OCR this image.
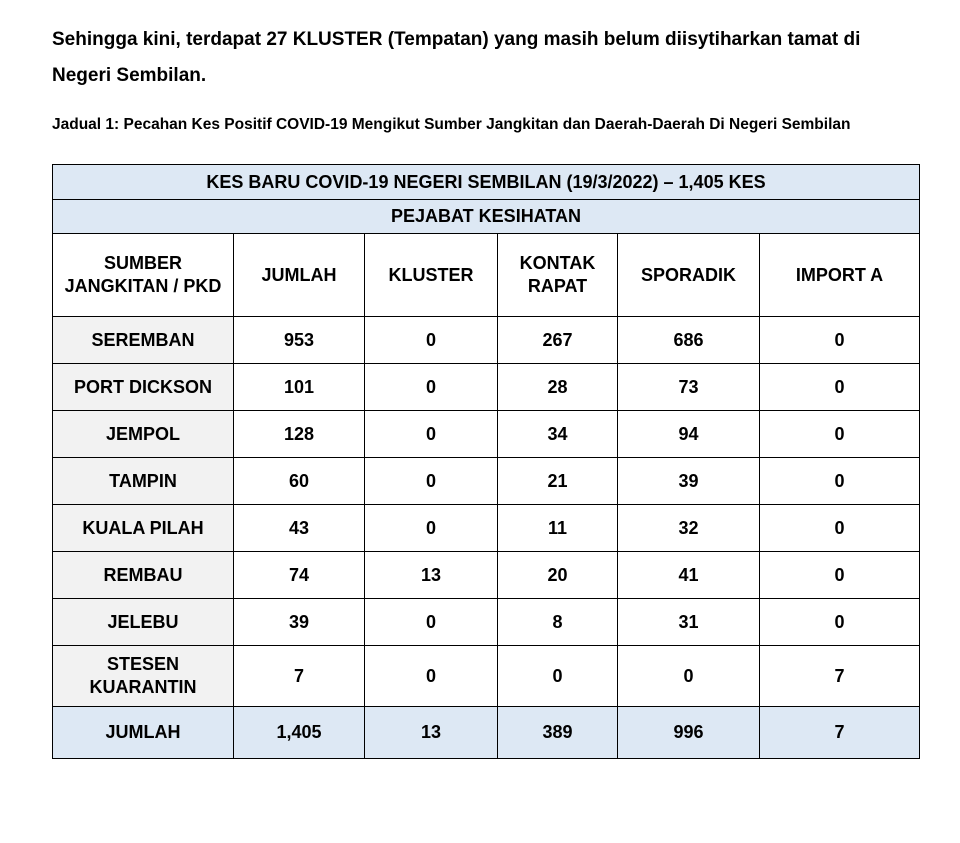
Sehingga kini, terdapat 27 KLUSTER (Tempatan) yang masih belum diisytiharkan tamat di Negeri Sembilan.

Jadual 1: Pecahan Kes Positif COVID-19 Mengikut Sumber Jangkitan dan Daerah-Daerah Di Negeri Sembilan

KES BARU COVID-19 NEGERI SEMBILAN (19/3/2022) – 1,405 KES					
PEJABAT KESIHATAN					
SUMBER JANGKITAN / PKD	JUMLAH	KLUSTER	KONTAK RAPAT	SPORADIK	IMPORT A
SEREMBAN	953	0	267	686	0
PORT DICKSON	101	0	28	73	0
JEMPOL	128	0	34	94	0
TAMPIN	60	0	21	39	0
KUALA PILAH	43	0	11	32	0
REMBAU	74	13	20	41	0
JELEBU	39	0	8	31	0
STESEN KUARANTIN	7	0	0	0	7
JUMLAH	1,405	13	389	996	7
